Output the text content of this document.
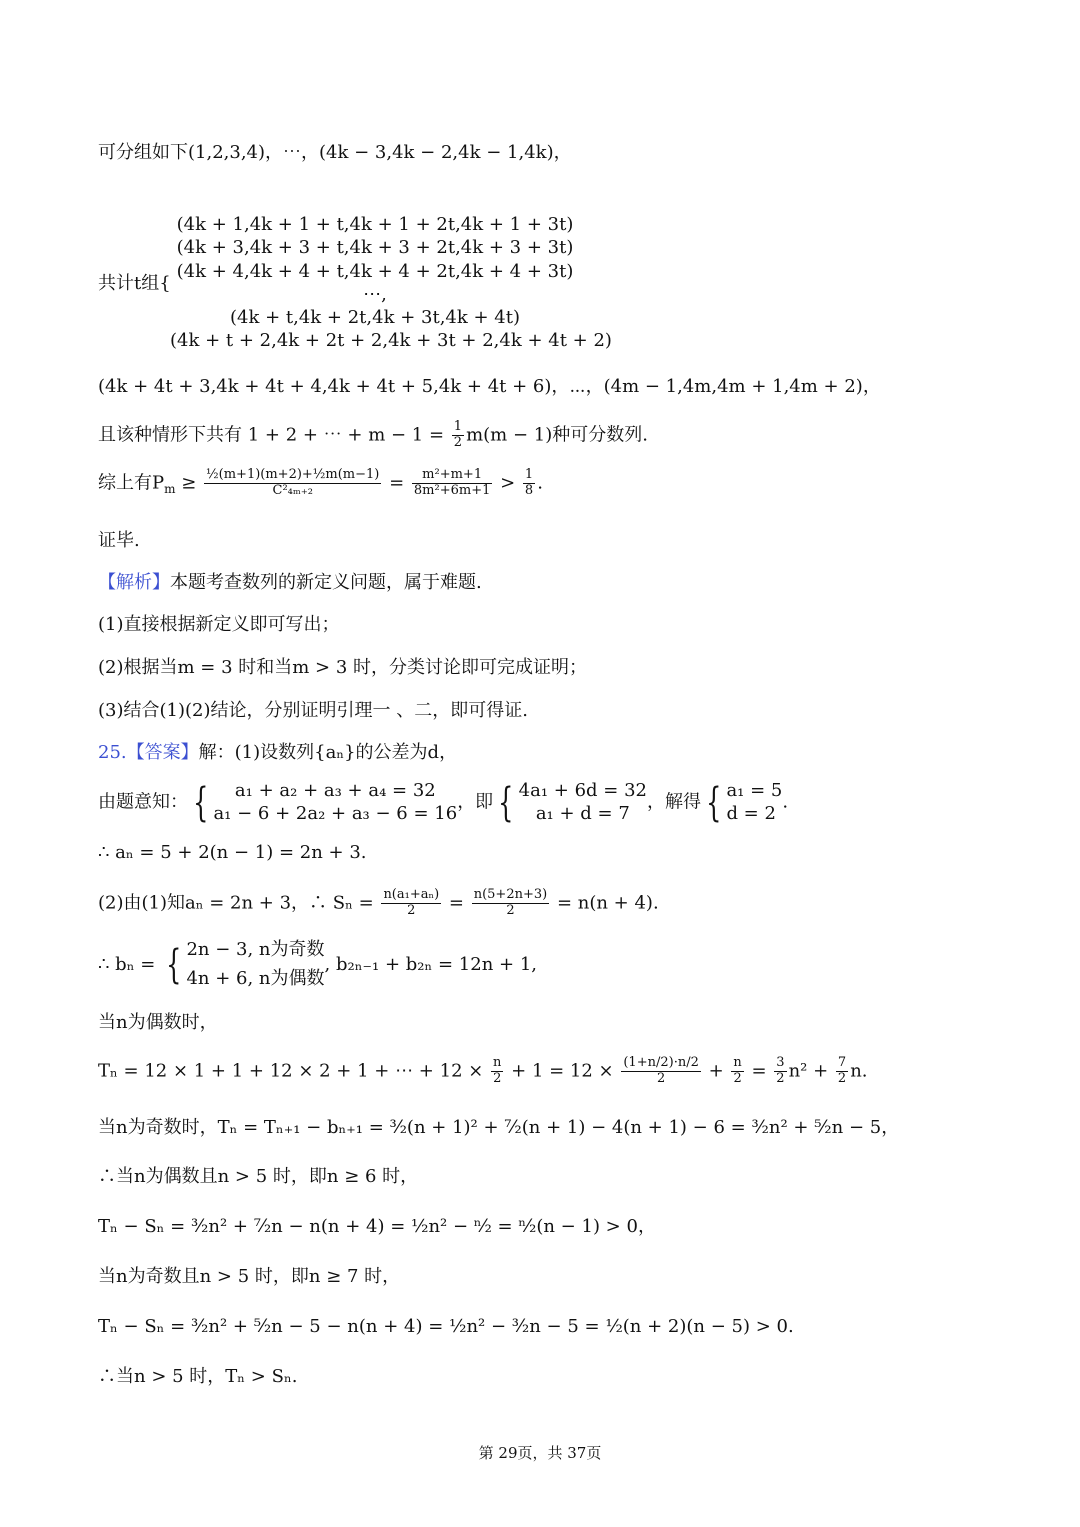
可分组如下(1,2,3,4)，⋯，(4k − 3,4k − 2,4k − 1,4k)，
共计t组{
(4k + 1,4k + 1 + t,4k + 1 + 2t,4k + 1 + 3t)
(4k + 3,4k + 3 + t,4k + 3 + 2t,4k + 3 + 3t)
(4k + 4,4k + 4 + t,4k + 4 + 2t,4k + 4 + 3t)
⋯,
(4k + t,4k + 2t,4k + 3t,4k + 4t)
(4k + t + 2,4k + 2t + 2,4k + 3t + 2,4k + 4t + 2)
(4k + 4t + 3,4k + 4t + 4,4k + 4t + 5,4k + 4t + 6)，⋯，(4m − 1,4m,4m + 1,4m + 2)，
且该种情形下共有 1 + 2 + ⋯ + $m - 1 = \frac{1}{2} m(m - 1)$种可分数列.
综上有$P_m \ge \frac{\text{½(m+1)(m+2)+½m(m−1)}}{\text{C²₄ₘ₊₂}} = \frac{\text{m²+m+1}}{\text{8m²+6m+1}} > \frac{1}{8}$ .
证毕.
【解析】本题考查数列的新定义问题，属于难题.
(1)直接根据新定义即可写出；
(2)根据当m = 3 时和当m > 3 时，分类讨论即可完成证明；
(3)结合(1)(2)结论，分别证明引理一 、二，即可得证.
25.【答案】解：(1)设数列{aₙ}的公差为d，
由题意知： {	a₁ + a₂ + a₃ + a₄ = 32
a₁ − 6 + 2a₂ + a₃ − 6 = 16
，即 { 4a₁ + 6d = 32
a₁ + d = 7
，解得 { a₁ = 5
d = 2
.
∴ aₙ = 5 + 2(n − 1) = 2n + 3.
(2)由(1)知aₙ = 2n + 3，∴ $S_n = \frac{\text{n(a₁+aₙ)}}{2} = \frac{n(5+2n+3)}{2} = n(n + 4)$.
∴ bₙ = { 2n − 3, n为奇数
4n + 6, n为偶数
, b₂ₙ₋₁ + b₂ₙ = 12n + 1,
当n为偶数时，
Tₙ = 12 × 1 + 1 + 12 × 2 + 1 + ⋯ + $12 \times \frac{n}{2} + 1 = 12 \times \frac{(1+n/2)\cdot n/2}{2} + \frac{n}{2} = \frac{3}{2} n^2 + \frac{7}{2} n$.
当n为奇数时，Tₙ = Tₙ₊₁ − bₙ₊₁ = ³⁄₂(n + 1)² + ⁷⁄₂(n + 1) − 4(n + 1) − 6 = ³⁄₂n² + ⁵⁄₂n − 5，
∴当n为偶数且n > 5 时，即n ≥ 6 时，
Tₙ − Sₙ = ³⁄₂n² + ⁷⁄₂n − n(n + 4) = ½n² − ⁿ⁄₂ = ⁿ⁄₂(n − 1) > 0，
当n为奇数且n > 5 时，即n ≥ 7 时，
Tₙ − Sₙ = ³⁄₂n² + ⁵⁄₂n − 5 − n(n + 4) = ½n² − ³⁄₂n − 5 = ½(n + 2)(n − 5) > 0.
∴当n > 5 时，Tₙ > Sₙ.
第 29页，共 37页
